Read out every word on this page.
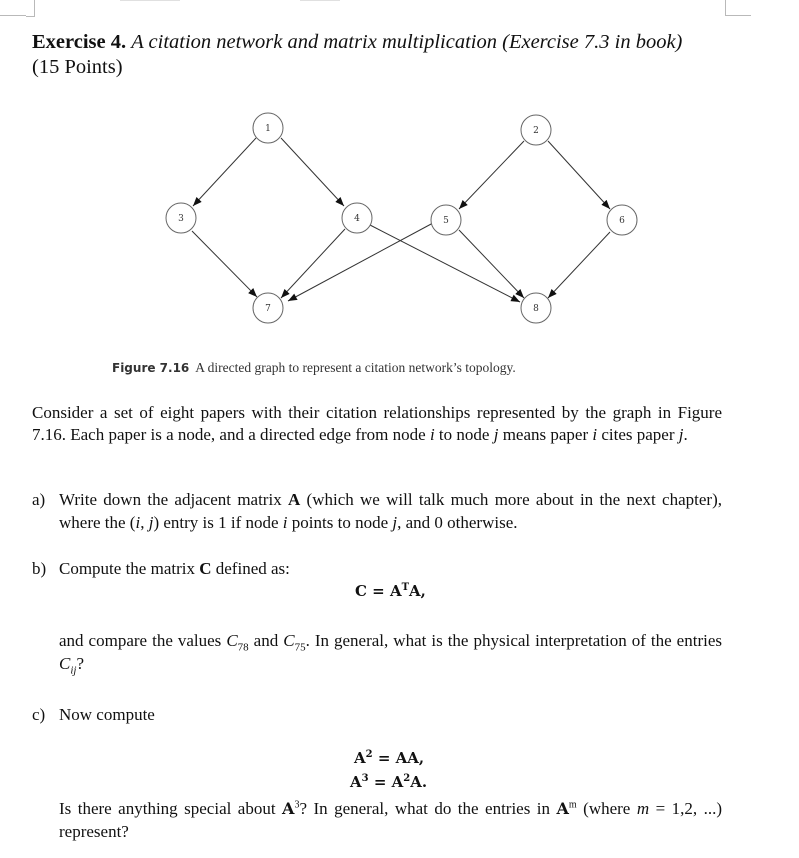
Exercise 4. A citation network and matrix multiplication (Exercise 7.3 in book)
(15 Points)
1	2
3	4	5	6
7	8
Figure 7.16 A directed graph to represent a citation network’s topology.
Consider a set of eight papers with their citation relationships represented by the graph in Figure 7.16. Each paper is a node, and a directed edge from node i to node j means paper i cites paper j.
a) Write down the adjacent matrix A (which we will talk much more about in the next chapter), where the (i, j) entry is 1 if node i points to node j, and 0 otherwise.
b) Compute the matrix C defined as:
$C = A^TA$,
and compare the values $C_{78}$ and $C_{75}$. In general, what is the physical interpretation of the entries $C_{ij}$?
c) Now compute
$A^2$ = AA,
$A^3 = A^2A$.
Is there anything special about $A^3$? In general, what do the entries in $A^m$ (where m = 1,2, ...) represent?
